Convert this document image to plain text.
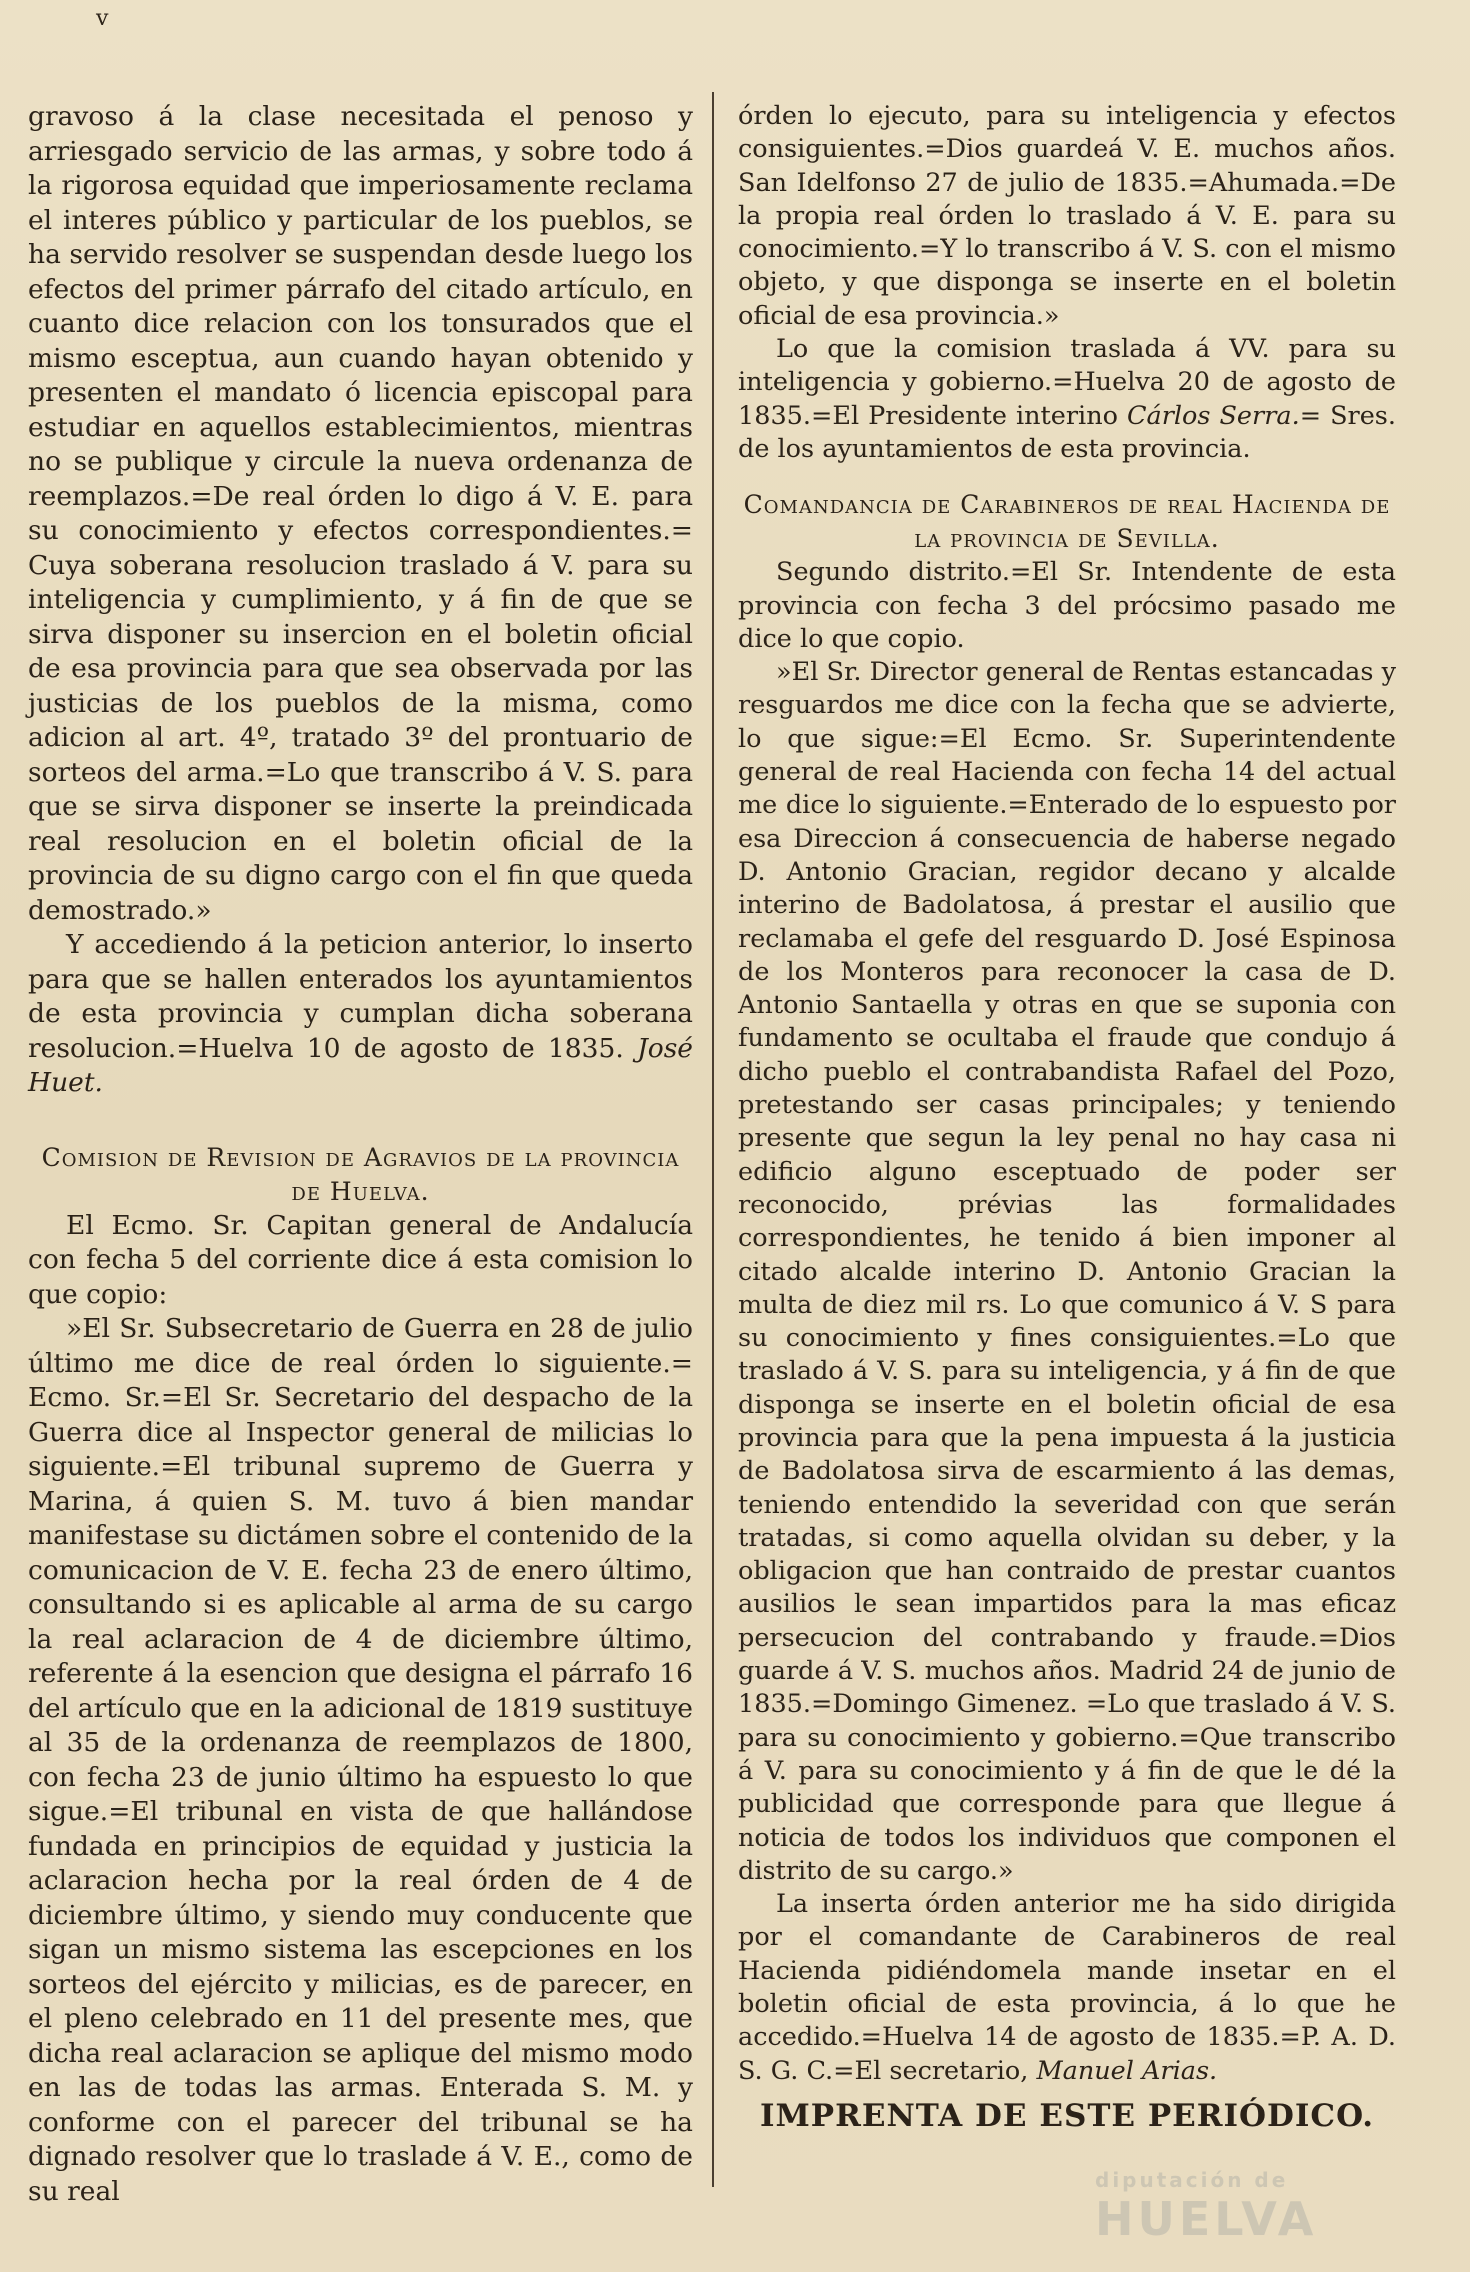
v

gravoso á la clase necesitada el penoso y arriesgado servicio de las armas, y sobre todo á la rigorosa equidad que imperiosamente reclama el interes público y particular de los pueblos, se ha servido resolver se suspendan desde luego los efectos del primer párrafo del citado artículo, en cuanto dice relacion con los tonsurados que el mismo esceptua, aun cuando hayan obtenido y presenten el mandato ó licencia episcopal para estudiar en aquellos establecimientos, mientras no se publique y circule la nueva ordenanza de reemplazos.=De real órden lo digo á V. E. para su conocimiento y efectos correspondientes.= Cuya soberana resolucion traslado á V. para su inteligencia y cumplimiento, y á fin de que se sirva disponer su insercion en el boletin oficial de esa provincia para que sea observada por las justicias de los pueblos de la misma, como adicion al art. 4º, tratado 3º del prontuario de sorteos del arma.=Lo que transcribo á V. S. para que se sirva disponer se inserte la preindicada real resolucion en el boletin oficial de la provincia de su digno cargo con el fin que queda demostrado.»

Y accediendo á la peticion anterior, lo inserto para que se hallen enterados los ayuntamientos de esta provincia y cumplan dicha soberana resolucion.=Huelva 10 de agosto de 1835. José Huet.

Comision de Revision de Agravios de la provincia de Huelva.

El Ecmo. Sr. Capitan general de Andalucía con fecha 5 del corriente dice á esta comision lo que copio:

»El Sr. Subsecretario de Guerra en 28 de julio último me dice de real órden lo siguiente.= Ecmo. Sr.=El Sr. Secretario del despacho de la Guerra dice al Inspector general de milicias lo siguiente.=El tribunal supremo de Guerra y Marina, á quien S. M. tuvo á bien mandar manifestase su dictámen sobre el contenido de la comunicacion de V. E. fecha 23 de enero último, consultando si es aplicable al arma de su cargo la real aclaracion de 4 de diciembre último, referente á la esencion que designa el párrafo 16 del artículo que en la adicional de 1819 sustituye al 35 de la ordenanza de reemplazos de 1800, con fecha 23 de junio último ha espuesto lo que sigue.=El tribunal en vista de que hallándose fundada en principios de equidad y justicia la aclaracion hecha por la real órden de 4 de diciembre último, y siendo muy conducente que sigan un mismo sistema las escepciones en los sorteos del ejército y milicias, es de parecer, en el pleno celebrado en 11 del presente mes, que dicha real aclaracion se aplique del mismo modo en las de todas las armas. Enterada S. M. y conforme con el parecer del tribunal se ha dignado resolver que lo traslade á V. E., como de su real

órden lo ejecuto, para su inteligencia y efectos consiguientes.=Dios guardeá V. E. muchos años. San Idelfonso 27 de julio de 1835.=Ahumada.=De la propia real órden lo traslado á V. E. para su conocimiento.=Y lo transcribo á V. S. con el mismo objeto, y que disponga se inserte en el boletin oficial de esa provincia.»

Lo que la comision traslada á VV. para su inteligencia y gobierno.=Huelva 20 de agosto de 1835.=El Presidente interino Cárlos Serra.= Sres. de los ayuntamientos de esta provincia.

Comandancia de Carabineros de real Hacienda de la provincia de Sevilla.

Segundo distrito.=El Sr. Intendente de esta provincia con fecha 3 del prócsimo pasado me dice lo que copio.

»El Sr. Director general de Rentas estancadas y resguardos me dice con la fecha que se advierte, lo que sigue:=El Ecmo. Sr. Superintendente general de real Hacienda con fecha 14 del actual me dice lo siguiente.=Enterado de lo espuesto por esa Direccion á consecuencia de haberse negado D. Antonio Gracian, regidor decano y alcalde interino de Badolatosa, á prestar el ausilio que reclamaba el gefe del resguardo D. José Espinosa de los Monteros para reconocer la casa de D. Antonio Santaella y otras en que se suponia con fundamento se ocultaba el fraude que condujo á dicho pueblo el contrabandista Rafael del Pozo, pretestando ser casas principales; y teniendo presente que segun la ley penal no hay casa ni edificio alguno esceptuado de poder ser reconocido, prévias las formalidades correspondientes, he tenido á bien imponer al citado alcalde interino D. Antonio Gracian la multa de diez mil rs. Lo que comunico á V. S para su conocimiento y fines consiguientes.=Lo que traslado á V. S. para su inteligencia, y á fin de que disponga se inserte en el boletin oficial de esa provincia para que la pena impuesta á la justicia de Badolatosa sirva de escarmiento á las demas, teniendo entendido la severidad con que serán tratadas, si como aquella olvidan su deber, y la obligacion que han contraido de prestar cuantos ausilios le sean impartidos para la mas eficaz persecucion del contrabando y fraude.=Dios guarde á V. S. muchos años. Madrid 24 de junio de 1835.=Domingo Gimenez. =Lo que traslado á V. S. para su conocimiento y gobierno.=Que transcribo á V. para su conocimiento y á fin de que le dé la publicidad que corresponde para que llegue á noticia de todos los individuos que componen el distrito de su cargo.»

La inserta órden anterior me ha sido dirigida por el comandante de Carabineros de real Hacienda pidiéndomela mande insetar en el boletin oficial de esta provincia, á lo que he accedido.=Huelva 14 de agosto de 1835.=P. A. D. S. G. C.=El secretario, Manuel Arias.

IMPRENTA DE ESTE PERIÓDICO.

diputación de
HUELVA
